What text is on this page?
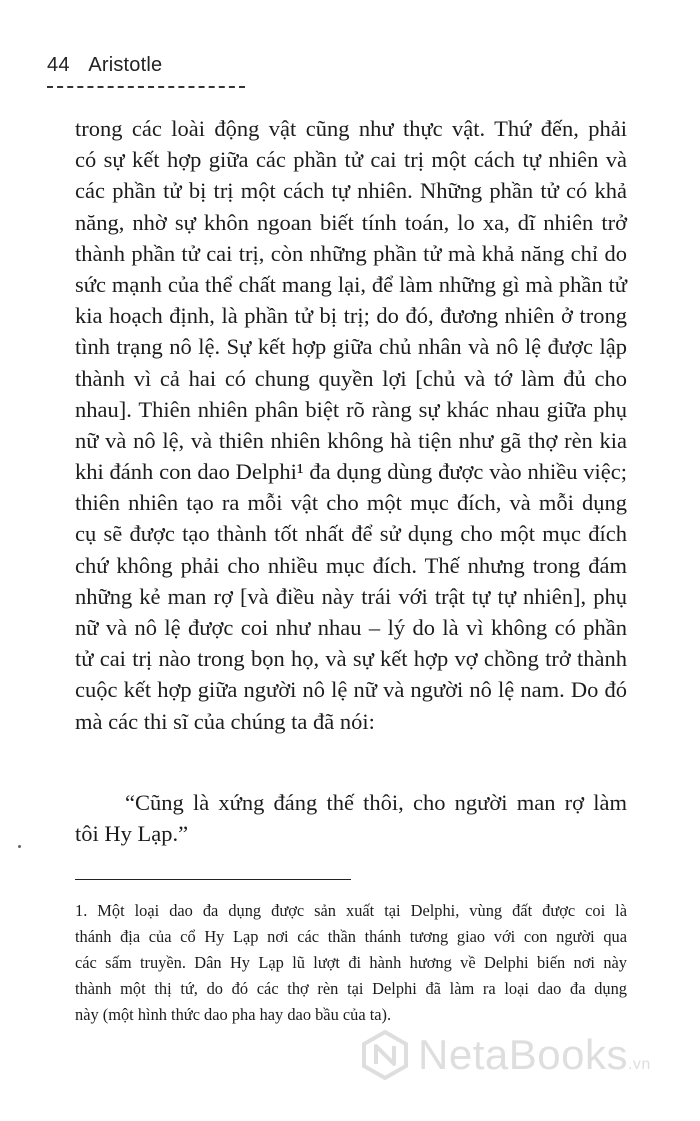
44 Aristotle
trong các loài động vật cũng như thực vật. Thứ đến, phải
có sự kết hợp giữa các phần tử cai trị một cách tự nhiên và
các phần tử bị trị một cách tự nhiên. Những phần tử có khả
năng, nhờ sự khôn ngoan biết tính toán, lo xa, dĩ nhiên trở
thành phần tử cai trị, còn những phần tử mà khả năng chỉ do
sức mạnh của thể chất mang lại, để làm những gì mà phần tử
kia hoạch định, là phần tử bị trị; do đó, đương nhiên ở trong
tình trạng nô lệ. Sự kết hợp giữa chủ nhân và nô lệ được lập
thành vì cả hai có chung quyền lợi [chủ và tớ làm đủ cho
nhau]. Thiên nhiên phân biệt rõ ràng sự khác nhau giữa phụ
nữ và nô lệ, và thiên nhiên không hà tiện như gã thợ rèn kia
khi đánh con dao Delphi¹ đa dụng dùng được vào nhiều việc;
thiên nhiên tạo ra mỗi vật cho một mục đích, và mỗi dụng
cụ sẽ được tạo thành tốt nhất để sử dụng cho một mục đích
chứ không phải cho nhiều mục đích. Thế nhưng trong đám
những kẻ man rợ [và điều này trái với trật tự tự nhiên], phụ
nữ và nô lệ được coi như nhau – lý do là vì không có phần
tử cai trị nào trong bọn họ, và sự kết hợp vợ chồng trở thành
cuộc kết hợp giữa người nô lệ nữ và người nô lệ nam. Do đó
mà các thi sĩ của chúng ta đã nói:
“Cũng là xứng đáng thế thôi, cho người man rợ làm
tôi Hy Lạp.”
1. Một loại dao đa dụng được sản xuất tại Delphi, vùng đất được coi là
thánh địa của cổ Hy Lạp nơi các thần thánh tương giao với con người qua
các sấm truyền. Dân Hy Lạp lũ lượt đi hành hương về Delphi biến nơi này
thành một thị tứ, do đó các thợ rèn tại Delphi đã làm ra loại dao đa dụng
này (một hình thức dao pha hay dao bầu của ta).
NetaBooks.vn
